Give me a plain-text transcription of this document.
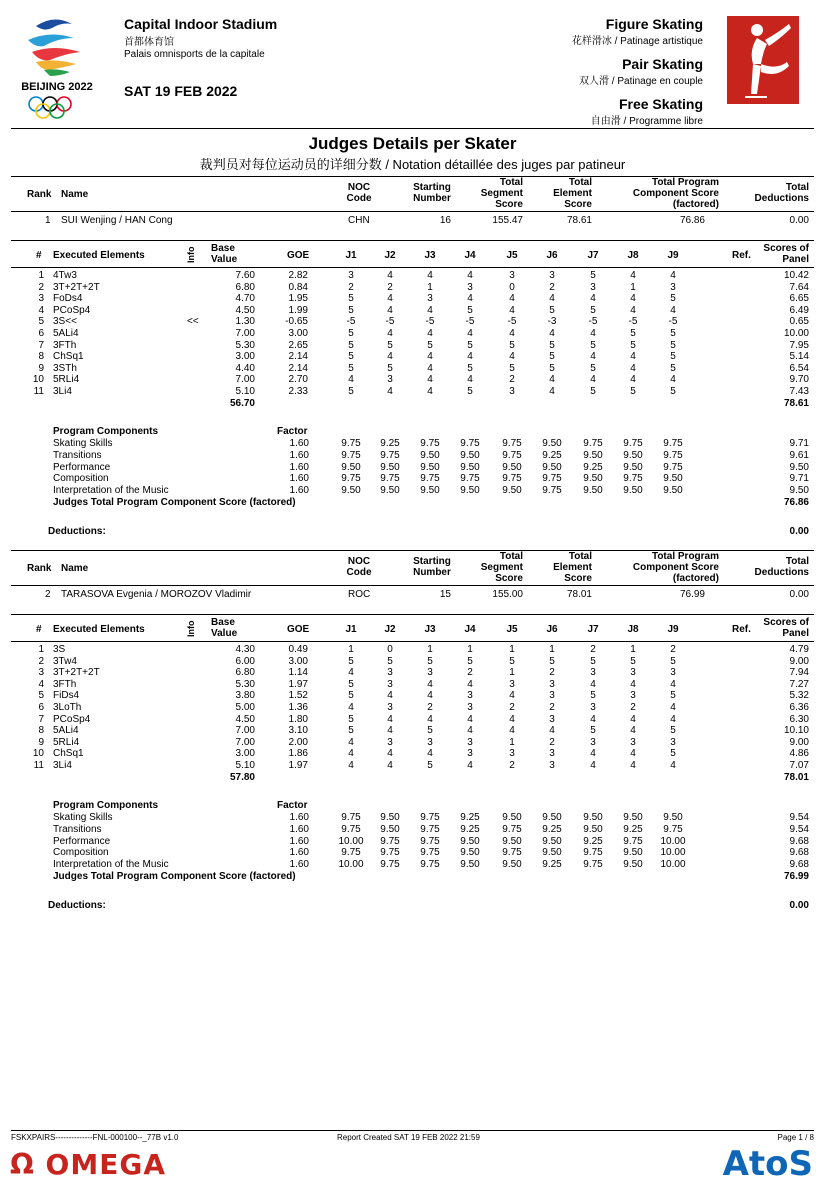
BEIJING 2022
Capital Indoor Stadium
首都体育馆
Palais omnisports de la capitale
SAT 19 FEB 2022
Figure Skating
花样滑冰 / Patinage artistique
Pair Skating
双人滑 / Patinage en couple
Free Skating
自由滑 / Programme libre
Judges Details per Skater
裁判员对每位运动员的详细分数 / Notation détaillée des juges par patineur
Rank Name
NOC
Code
Starting
Number
Total
Segment
Score
Total
Element
Score
Total Program
Component Score
(factored)
Total
Deductions
1 SUI Wenjing / HAN Cong	CHN	16	155.47	78.61	76.86	0.00
# Executed Elements	Info Base
Value	GOE	J1	J2	J3	J4	J5	J6	J7	J8	J9	Ref.
Scores of
Panel
1 4Tw3	7.60	2.82	3	4	4	4	3	3	5	4	4	10.42
2 3T+2T+2T	6.80	0.84	2	2	1	3	0	2	3	1	3	7.64
3 FoDs4	4.70	1.95	5	4	3	4	4	4	4	4	5	6.65
4 PCoSp4	4.50	1.99	5	4	4	5	4	5	5	4	4	6.49
5 3S<<	<<	1.30	-0.65	-5	-5	-5	-5	-5	-3	-5	-5	-5	0.65
6 5ALi4	7.00	3.00	5	4	4	4	4	4	4	5	5	10.00
7 3FTh	5.30	2.65	5	5	5	5	5	5	5	5	5	7.95
8 ChSq1	3.00	2.14	5	4	4	4	4	5	4	4	5	5.14
9 3STh	4.40	2.14	5	5	4	5	5	5	5	4	5	6.54
10 5RLi4	7.00	2.70	4	3	4	4	2	4	4	4	4	9.70
11 3Li4	5.10	2.33	5	4	4	5	3	4	5	5	5	7.43
56.70	78.61
Program Components	Factor
Skating Skills	1.60	9.75	9.25	9.75	9.75	9.75	9.50	9.75	9.75	9.75	9.71
Transitions	1.60	9.75	9.75	9.50	9.50	9.75	9.25	9.50	9.50	9.75	9.61
Performance	1.60	9.50	9.50	9.50	9.50	9.50	9.50	9.25	9.50	9.75	9.50
Composition	1.60	9.75	9.75	9.75	9.75	9.75	9.75	9.50	9.75	9.50	9.71
Interpretation of the Music	1.60	9.50	9.50	9.50	9.50	9.50	9.75	9.50	9.50	9.50	9.50
Judges Total Program Component Score (factored)	76.86
Deductions:	0.00
Rank Name
NOC
Code
Starting
Number
Total
Segment
Score
Total
Element
Score
Total Program
Component Score
(factored)
Total
Deductions
2 TARASOVA Evgenia / MOROZOV Vladimir	ROC	15	155.00	78.01	76.99	0.00
# Executed Elements	Info Base
Value	GOE	J1	J2	J3	J4	J5	J6	J7	J8	J9	Ref.
Scores of
Panel
1 3S	4.30	0.49	1	0	1	1	1	1	2	1	2	4.79
2 3Tw4	6.00	3.00	5	5	5	5	5	5	5	5	5	9.00
3 3T+2T+2T	6.80	1.14	4	3	3	2	1	2	3	3	3	7.94
4 3FTh	5.30	1.97	5	3	4	4	3	3	4	4	4	7.27
5 FiDs4	3.80	1.52	5	4	4	3	4	3	5	3	5	5.32
6 3LoTh	5.00	1.36	4	3	2	3	2	2	3	2	4	6.36
7 PCoSp4	4.50	1.80	5	4	4	4	4	3	4	4	4	6.30
8 5ALi4	7.00	3.10	5	4	5	4	4	4	5	4	5	10.10
9 5RLi4	7.00	2.00	4	3	3	3	1	2	3	3	3	9.00
10 ChSq1	3.00	1.86	4	4	4	3	3	3	4	4	5	4.86
11 3Li4	5.10	1.97	4	4	5	4	2	3	4	4	4	7.07
57.80	78.01
Program Components	Factor
Skating Skills	1.60	9.75	9.50	9.75	9.25	9.50	9.50	9.50	9.50	9.50	9.54
Transitions	1.60	9.75	9.50	9.75	9.25	9.75	9.25	9.50	9.25	9.75	9.54
Performance	1.60	10.00	9.75	9.75	9.50	9.50	9.50	9.25	9.75	10.00	9.68
Composition	1.60	9.75	9.75	9.75	9.50	9.75	9.50	9.75	9.50	10.00	9.68
Interpretation of the Music	1.60	10.00	9.75	9.75	9.50	9.50	9.25	9.75	9.50	10.00	9.68
Judges Total Program Component Score (factored)	76.99
Deductions:	0.00
FSKXPAIRS--------------FNL-000100--_77B v1.0	Report Created SAT 19 FEB 2022 21:59	Page 1 / 8
Ω OMEGA	AtoS
